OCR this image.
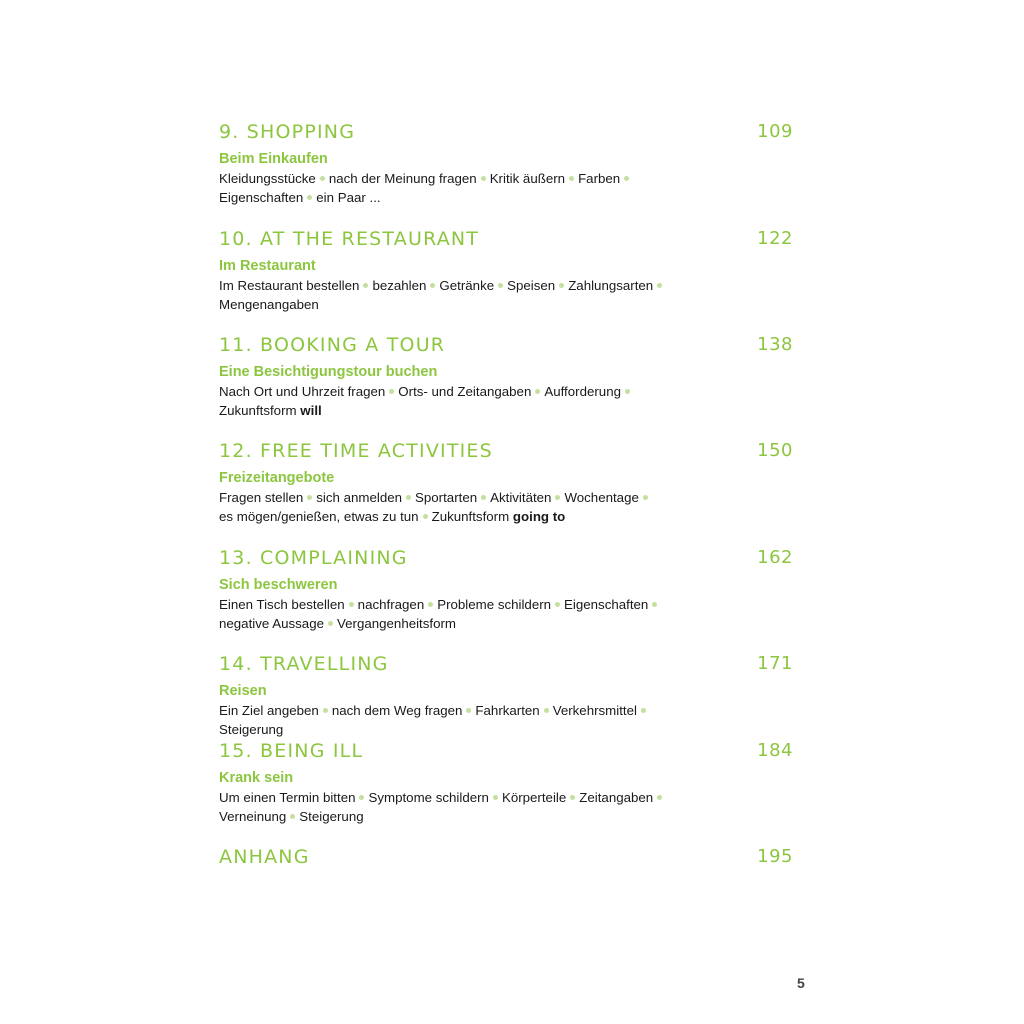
9. SHOPPING	109
Beim Einkaufen
Kleidungsstücke nach der Meinung fragen Kritik äußern Farben
Eigenschaften ein Paar ...
10. AT THE RESTAURANT	122
Im Restaurant
Im Restaurant bestellen bezahlen Getränke Speisen Zahlungsarten
Mengenangaben
11. BOOKING A TOUR	138
Eine Besichtigungstour buchen
Nach Ort und Uhrzeit fragen Orts- und Zeitangaben Aufforderung
Zukunftsform will
12. FREE TIME ACTIVITIES	150
Freizeitangebote
Fragen stellen sich anmelden Sportarten Aktivitäten Wochentage
es mögen/genießen, etwas zu tun Zukunftsform going to
13. COMPLAINING	162
Sich beschweren
Einen Tisch bestellen nachfragen Probleme schildern Eigenschaften
negative Aussage Vergangenheitsform
14. TRAVELLING	171
Reisen
Ein Ziel angeben nach dem Weg fragen Fahrkarten VerkehrsmittelSteigerung
15. BEING ILL	184
Krank sein
Um einen Termin bitten Symptome schildern Körperteile Zeitangaben
Verneinung Steigerung
ANHANG	195
5
